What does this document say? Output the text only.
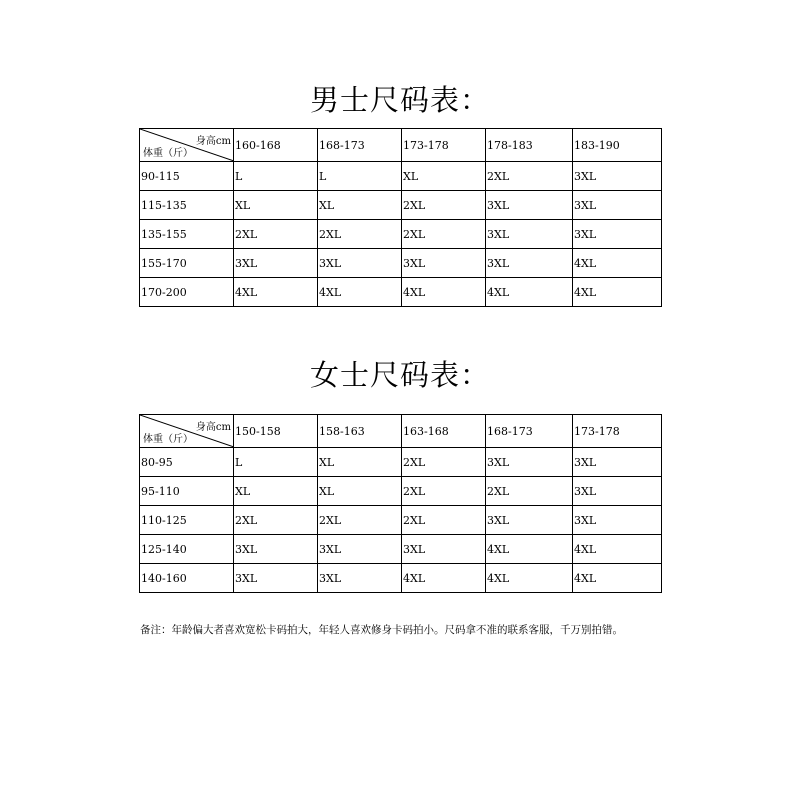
男士尺码表：
身高cm
体重（斤）	160-168	168-173	173-178	178-183	183-190
90-115	L	L	XL	2XL	3XL
115-135	XL	XL	2XL	3XL	3XL
135-155	2XL	2XL	2XL	3XL	3XL
155-170	3XL	3XL	3XL	3XL	4XL
170-200	4XL	4XL	4XL	4XL	4XL
女士尺码表：
身高cm
体重（斤）	150-158	158-163	163-168	168-173	173-178
80-95	L	XL	2XL	3XL	3XL
95-110	XL	XL	2XL	2XL	3XL
110-125	2XL	2XL	2XL	3XL	3XL
125-140	3XL	3XL	3XL	4XL	4XL
140-160	3XL	3XL	4XL	4XL	4XL
备注：年龄偏大者喜欢宽松卡码拍大，年轻人喜欢修身卡码拍小。尺码拿不准的联系客服，千万别拍错。
